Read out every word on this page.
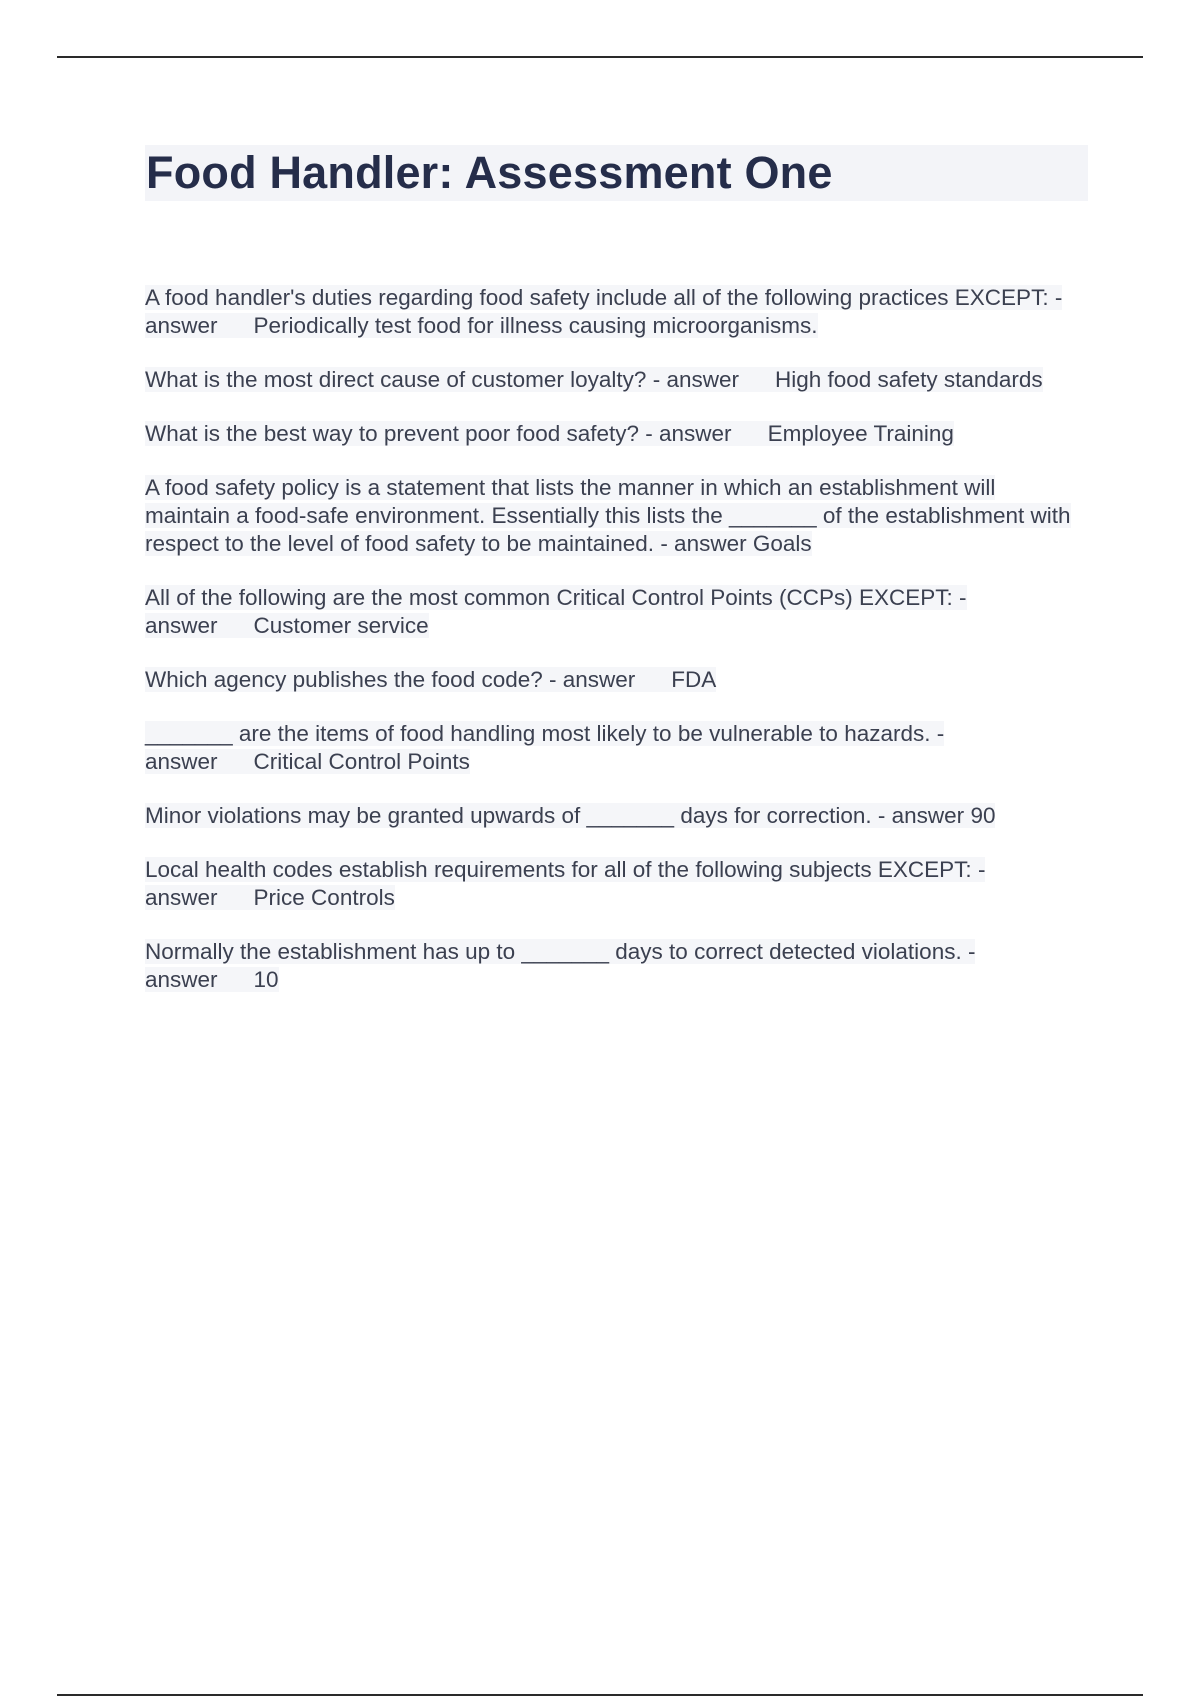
Food Handler: Assessment One

A food handler's duties regarding food safety include all of the following practices EXCEPT: - answer Periodically test food for illness causing microorganisms.

What is the most direct cause of customer loyalty? - answer High food safety standards

What is the best way to prevent poor food safety? - answer Employee Training

A food safety policy is a statement that lists the manner in which an establishment will maintain a food-safe environment. Essentially this lists the _______ of the establishment with respect to the level of food safety to be maintained. - answer Goals

All of the following are the most common Critical Control Points (CCPs) EXCEPT: - answer Customer service

Which agency publishes the food code? - answer FDA

_______ are the items of food handling most likely to be vulnerable to hazards. - answer Critical Control Points

Minor violations may be granted upwards of _______ days for correction. - answer 90

Local health codes establish requirements for all of the following subjects EXCEPT: - answer Price Controls

Normally the establishment has up to _______ days to correct detected violations. - answer 10
